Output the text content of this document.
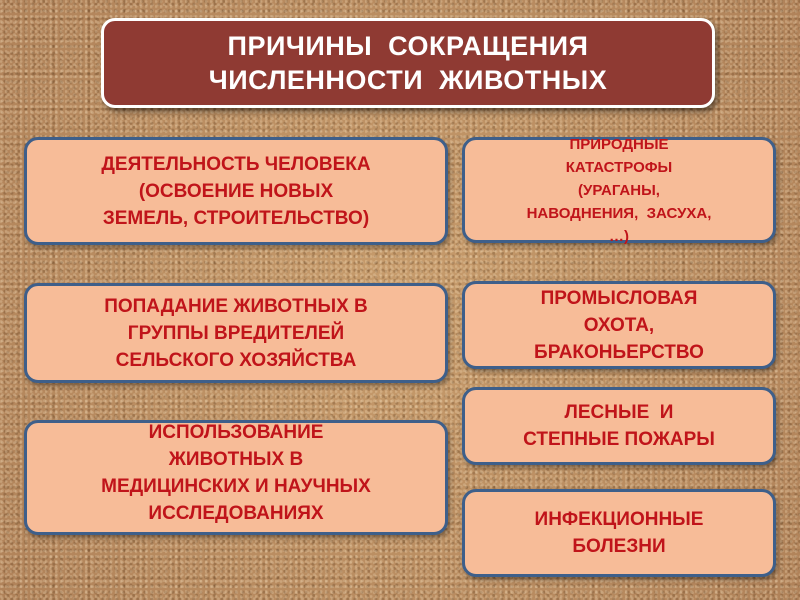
ПРИЧИНЫ  СОКРАЩЕНИЯ
ЧИСЛЕННОСТИ  ЖИВОТНЫХ
ДЕЯТЕЛЬНОСТЬ ЧЕЛОВЕКА
(ОСВОЕНИЕ НОВЫХ
ЗЕМЕЛЬ, СТРОИТЕЛЬСТВО)
ПОПАДАНИЕ ЖИВОТНЫХ В
ГРУППЫ ВРЕДИТЕЛЕЙ
СЕЛЬСКОГО ХОЗЯЙСТВА
ИСПОЛЬЗОВАНИЕ
ЖИВОТНЫХ В
МЕДИЦИНСКИХ И НАУЧНЫХ
ИССЛЕДОВАНИЯХ
ПРИРОДНЫЕ
КАТАСТРОФЫ
(УРАГАНЫ,
НАВОДНЕНИЯ,  ЗАСУХА,
…)
ПРОМЫСЛОВАЯ
ОХОТА,
БРАКОНЬЕРСТВО
ЛЕСНЫЕ  И
СТЕПНЫЕ ПОЖАРЫ
ИНФЕКЦИОННЫЕ
БОЛЕЗНИ
